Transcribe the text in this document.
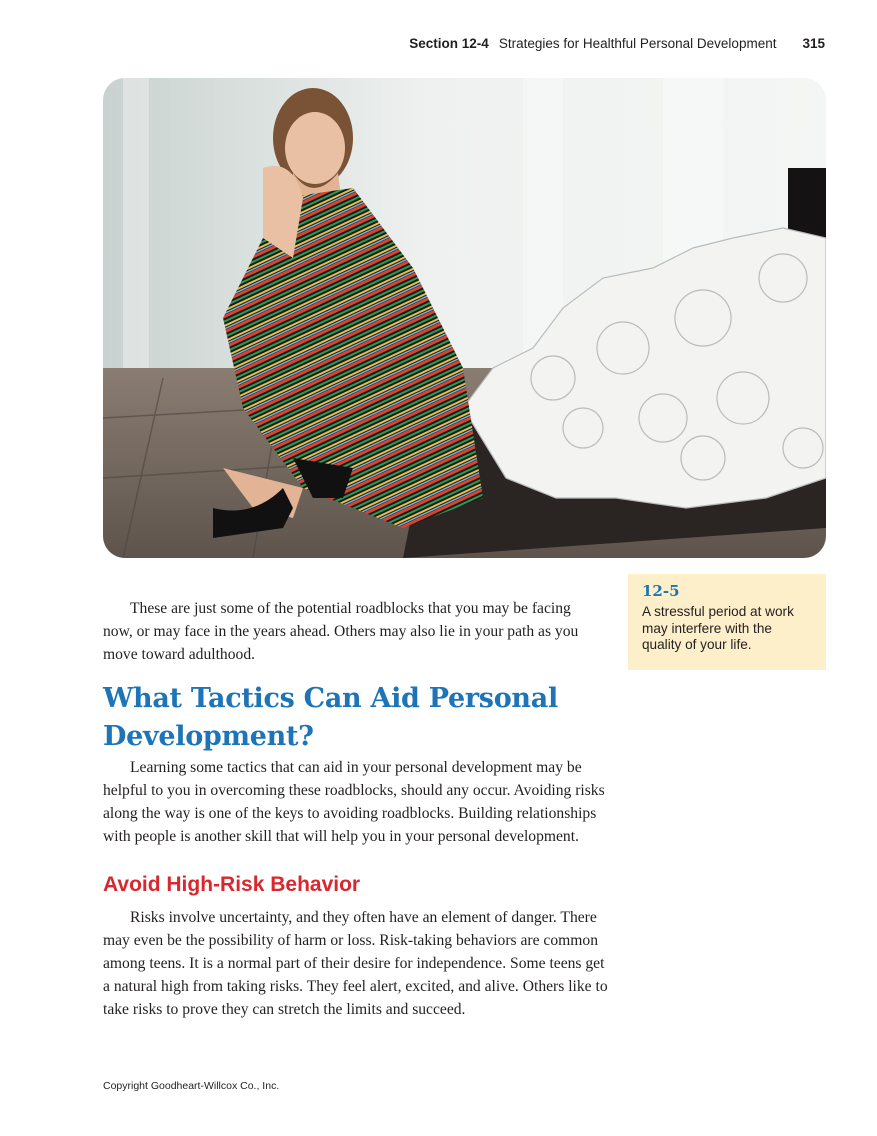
Section 12-4 Strategies for Healthful Personal Development 315
12-5
A stressful period at work may interfere with the quality of your life.

These are just some of the potential roadblocks that you may be facing now, or may face in the years ahead. Others may also lie in your path as you move toward adulthood.

What Tactics Can Aid Personal Development?

Learning some tactics that can aid in your personal development may be helpful to you in overcoming these roadblocks, should any occur. Avoiding risks along the way is one of the keys to avoiding roadblocks. Building relationships with people is another skill that will help you in your personal development.

Avoid High-Risk Behavior

Risks involve uncertainty, and they often have an element of danger. There may even be the possibility of harm or loss. Risk-taking behaviors are common among teens. It is a normal part of their desire for independence. Some teens get a natural high from taking risks. They feel alert, excited, and alive. Others like to take risks to prove they can stretch the limits and succeed.

Copyright Goodheart-Willcox Co., Inc.
